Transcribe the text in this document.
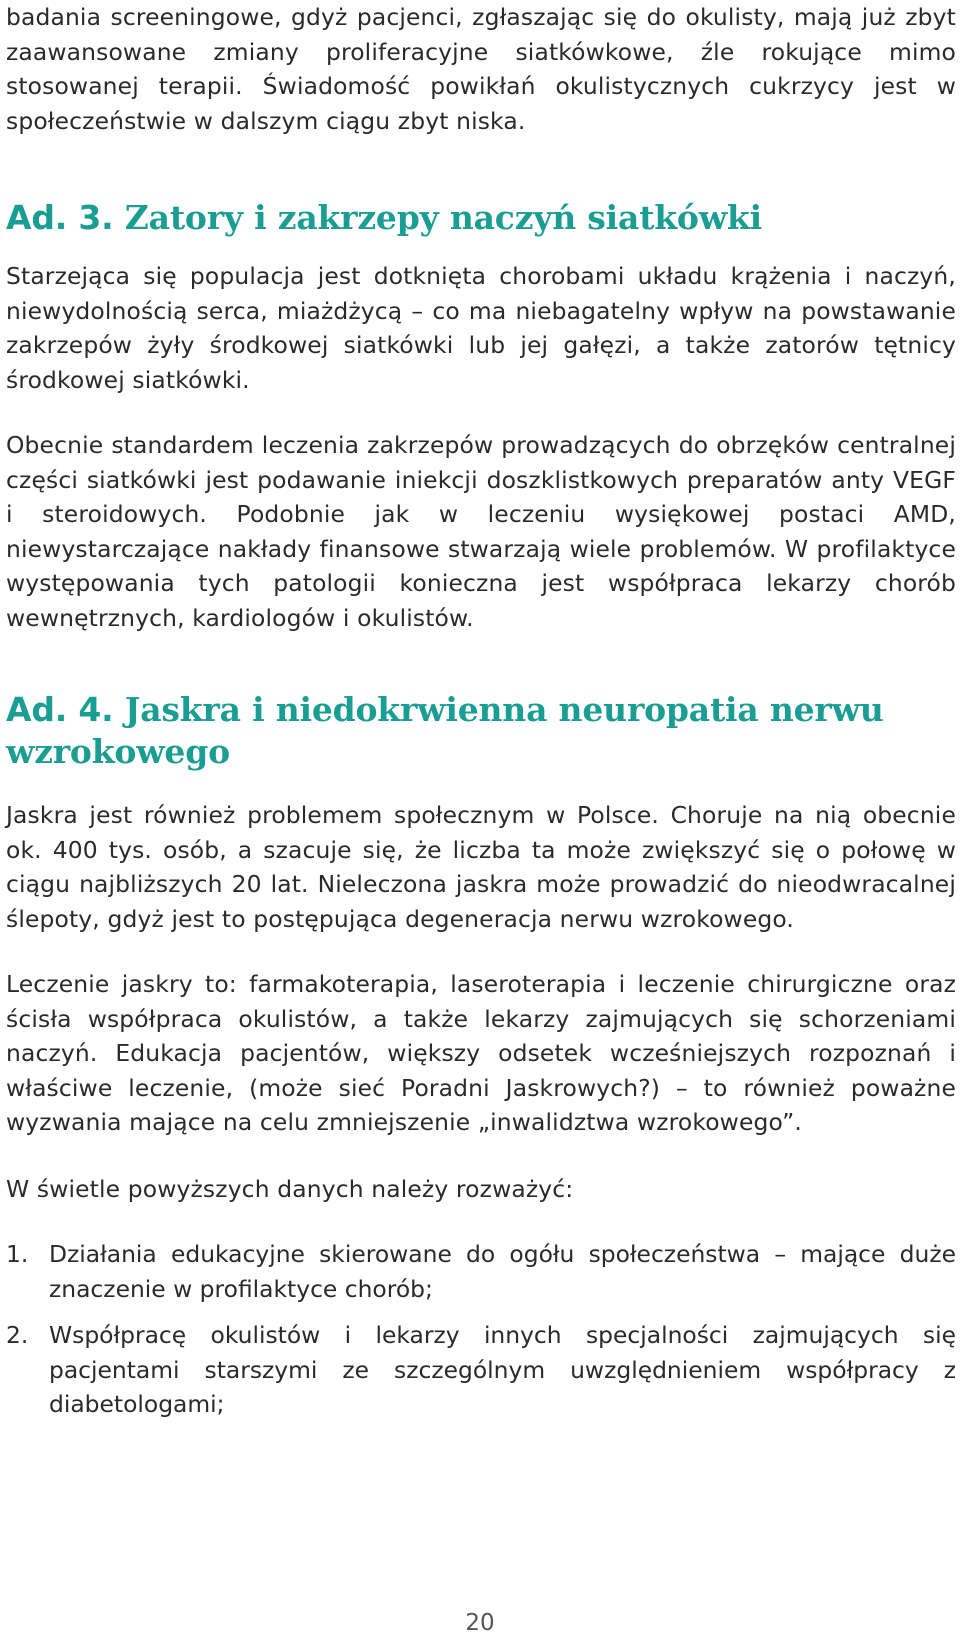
badania screeningowe, gdyż pacjenci, zgłaszając się do okulisty, mają już zbyt zaawansowane zmiany proliferacyjne siatkówkowe, źle rokujące mimo stosowanej terapii. Świadomość powikłań okulistycznych cukrzycy jest w społeczeństwie w dalszym ciągu zbyt niska.

Ad. 3. Zatory i zakrzepy naczyń siatkówki

Starzejąca się populacja jest dotknięta chorobami układu krążenia i naczyń, niewydolnością serca, miażdżycą – co ma niebagatelny wpływ na powstawanie zakrzepów żyły środkowej siatkówki lub jej gałęzi, a także zatorów tętnicy środkowej siatkówki.

Obecnie standardem leczenia zakrzepów prowadzących do obrzęków centralnej części siatkówki jest podawanie iniekcji doszklistkowych preparatów anty VEGF i steroidowych. Podobnie jak w leczeniu wysiękowej postaci AMD, niewystarczające nakłady finansowe stwarzają wiele problemów. W profilaktyce występowania tych patologii konieczna jest współpraca lekarzy chorób wewnętrznych, kardiologów i okulistów.

Ad. 4. Jaskra i niedokrwienna neuropatia nerwu wzrokowego

Jaskra jest również problemem społecznym w Polsce. Choruje na nią obecnie ok. 400 tys. osób, a szacuje się, że liczba ta może zwiększyć się o połowę w ciągu najbliższych 20 lat. Nieleczona jaskra może prowadzić do nieodwracalnej ślepoty, gdyż jest to postępująca degeneracja nerwu wzrokowego.

Leczenie jaskry to: farmakoterapia, laseroterapia i leczenie chirurgiczne oraz ścisła współpraca okulistów, a także lekarzy zajmujących się schorzeniami naczyń. Edukacja pacjentów, większy odsetek wcześniejszych rozpoznań i właściwe leczenie, (może sieć Poradni Jaskrowych?) – to również poważne wyzwania mające na celu zmniejszenie „inwalidztwa wzrokowego”.

W świetle powyższych danych należy rozważyć:

1. Działania edukacyjne skierowane do ogółu społeczeństwa – mające duże znaczenie w profilaktyce chorób;
2. Współpracę okulistów i lekarzy innych specjalności zajmujących się pacjentami starszymi ze szczególnym uwzględnieniem współpracy z diabetologami;
20
